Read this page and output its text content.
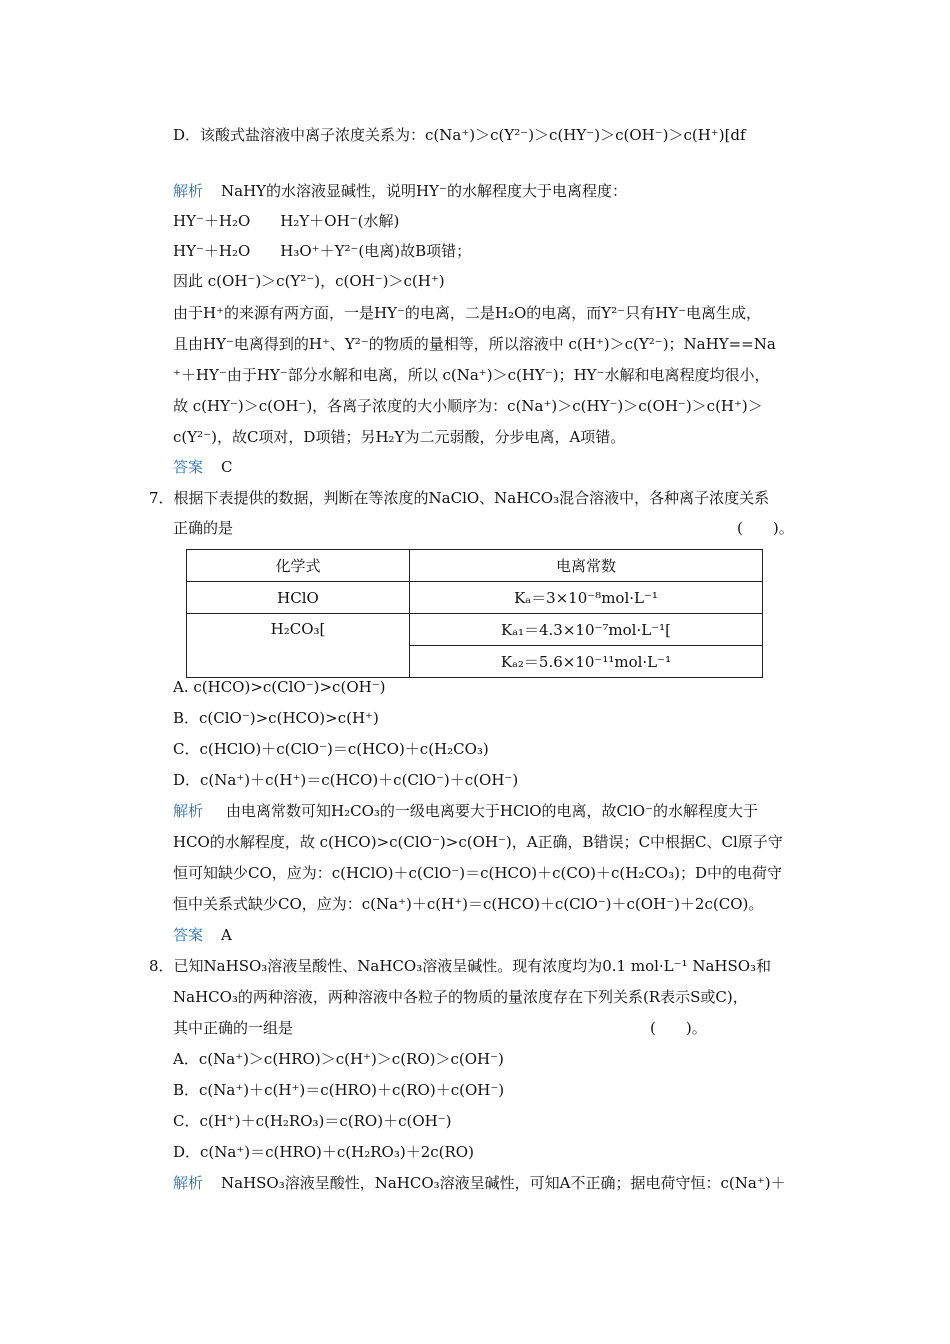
D．该酸式盐溶液中离子浓度关系为：c(Na⁺)＞c(Y²⁻)＞c(HY⁻)＞c(OH⁻)＞c(H⁺)[df
解析 NaHY的水溶液显碱性，说明HY⁻的水解程度大于电离程度：
HY⁻＋H₂O　　H₂Y＋OH⁻(水解)
HY⁻＋H₂O　　H₃O⁺＋Y²⁻(电离)故B项错；
因此 c(OH⁻)＞c(Y²⁻)，c(OH⁻)＞c(H⁺)
由于H⁺的来源有两方面，一是HY⁻的电离，二是H₂O的电离，而Y²⁻只有HY⁻电离生成，
且由HY⁻电离得到的H⁺、Y²⁻的物质的量相等，所以溶液中 c(H⁺)＞c(Y²⁻)；NaHY==Na
⁺＋HY⁻由于HY⁻部分水解和电离，所以 c(Na⁺)＞c(HY⁻)；HY⁻水解和电离程度均很小，
故 c(HY⁻)＞c(OH⁻)，各离子浓度的大小顺序为：c(Na⁺)＞c(HY⁻)＞c(OH⁻)＞c(H⁺)＞
c(Y²⁻)，故C项对，D项错；另H₂Y为二元弱酸，分步电离，A项错。
答案 C
7．根据下表提供的数据，判断在等浓度的NaClO、NaHCO₃混合溶液中，各种离子浓度关系
正确的是	(　　)。
化学式	电离常数
HClO	Kₐ＝3×10⁻⁸mol·L⁻¹
H₂CO₃[	Kₐ₁＝4.3×10⁻⁷mol·L⁻¹[
	Kₐ₂＝5.6×10⁻¹¹mol·L⁻¹
A. c(HCO)>c(ClO⁻)>c(OH⁻)
B．c(ClO⁻)>c(HCO)>c(H⁺)
C．c(HClO)＋c(ClO⁻)＝c(HCO)＋c(H₂CO₃)
D．c(Na⁺)＋c(H⁺)＝c(HCO)＋c(ClO⁻)＋c(OH⁻)
解析 由电离常数可知H₂CO₃的一级电离要大于HClO的电离，故ClO⁻的水解程度大于
HCO的水解程度，故 c(HCO)>c(ClO⁻)>c(OH⁻)，A正确，B错误；C中根据C、Cl原子守
恒可知缺少CO，应为：c(HClO)＋c(ClO⁻)＝c(HCO)＋c(CO)＋c(H₂CO₃)；D中的电荷守
恒中关系式缺少CO，应为：c(Na⁺)＋c(H⁺)＝c(HCO)＋c(ClO⁻)＋c(OH⁻)＋2c(CO)。
答案 A
8．已知NaHSO₃溶液呈酸性、NaHCO₃溶液呈碱性。现有浓度均为0.1 mol·L⁻¹ NaHSO₃和
NaHCO₃的两种溶液，两种溶液中各粒子的物质的量浓度存在下列关系(R表示S或C)，
其中正确的一组是	(　　)。
A．c(Na⁺)＞c(HRO)＞c(H⁺)＞c(RO)＞c(OH⁻)
B．c(Na⁺)＋c(H⁺)＝c(HRO)＋c(RO)＋c(OH⁻)
C．c(H⁺)＋c(H₂RO₃)＝c(RO)＋c(OH⁻)
D．c(Na⁺)＝c(HRO)＋c(H₂RO₃)＋2c(RO)
解析 NaHSO₃溶液呈酸性，NaHCO₃溶液呈碱性，可知A不正确；据电荷守恒：c(Na⁺)＋
